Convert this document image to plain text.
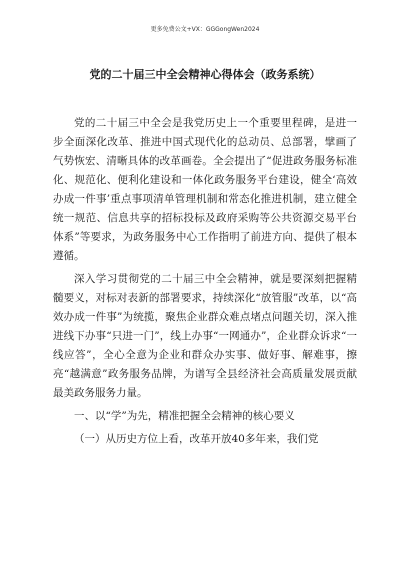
更多免费公文+VX：GGGongWen2024
党的二十届三中全会精神心得体会（政务系统）

党的二十届三中全会是我党历史上一个重要里程碑，是进一步全面深化改革、推进中国式现代化的总动员、总部署，擘画了气势恢宏、清晰具体的改革画卷。全会提出了“促进政务服务标准化、规范化、便利化建设和一体化政务服务平台建设，健全‘高效办成一件事’重点事项清单管理机制和常态化推进机制，建立健全统一规范、信息共享的招标投标及政府采购等公共资源交易平台体系”等要求，为政务服务中心工作指明了前进方向、提供了根本遵循。

深入学习贯彻党的二十届三中全会精神，就是要深刻把握精髓要义，对标对表新的部署要求，持续深化“放管服”改革，以“高效办成一件事”为统揽，聚焦企业群众难点堵点问题关切，深入推进线下办事“只进一门”，线上办事“一网通办”，企业群众诉求“一线应答”，全心全意为企业和群众办实事、做好事、解难事，擦亮“越满意”政务服务品牌，为谱写全县经济社会高质量发展贡献最美政务服务力量。

一、以“学”为先，精准把握全会精神的核心要义

（一）从历史方位上看，改革开放40多年来，我们党
